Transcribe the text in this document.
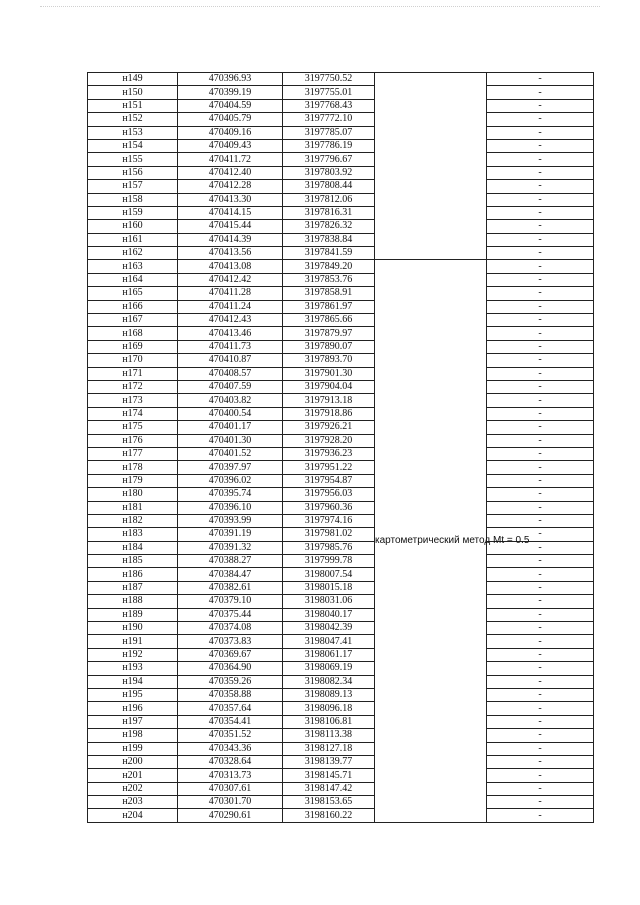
н149	470396.93	3197750.52		-
н150	470399.19	3197755.01		-
н151	470404.59	3197768.43		-
н152	470405.79	3197772.10		-
н153	470409.16	3197785.07		-
н154	470409.43	3197786.19		-
н155	470411.72	3197796.67		-
н156	470412.40	3197803.92		-
н157	470412.28	3197808.44		-
н158	470413.30	3197812.06		-
н159	470414.15	3197816.31		-
н160	470415.44	3197826.32		-
н161	470414.39	3197838.84		-
н162	470413.56	3197841.59		-
н163	470413.08	3197849.20	картометрический метод Mt = 0.5	-
н164	470412.42	3197853.76		-
н165	470411.28	3197858.91		-
н166	470411.24	3197861.97		-
н167	470412.43	3197865.66		-
н168	470413.46	3197879.97		-
н169	470411.73	3197890.07		-
н170	470410.87	3197893.70		-
н171	470408.57	3197901.30		-
н172	470407.59	3197904.04		-
н173	470403.82	3197913.18		-
н174	470400.54	3197918.86		-
н175	470401.17	3197926.21		-
н176	470401.30	3197928.20		-
н177	470401.52	3197936.23		-
н178	470397.97	3197951.22		-
н179	470396.02	3197954.87		-
н180	470395.74	3197956.03		-
н181	470396.10	3197960.36		-
н182	470393.99	3197974.16		-
н183	470391.19	3197981.02		-
н184	470391.32	3197985.76		-
н185	470388.27	3197999.78		-
н186	470384.47	3198007.54		-
н187	470382.61	3198015.18		-
н188	470379.10	3198031.06		-
н189	470375.44	3198040.17		-
н190	470374.08	3198042.39		-
н191	470373.83	3198047.41		-
н192	470369.67	3198061.17		-
н193	470364.90	3198069.19		-
н194	470359.26	3198082.34		-
н195	470358.88	3198089.13		-
н196	470357.64	3198096.18		-
н197	470354.41	3198106.81		-
н198	470351.52	3198113.38		-
н199	470343.36	3198127.18		-
н200	470328.64	3198139.77		-
н201	470313.73	3198145.71		-
н202	470307.61	3198147.42		-
н203	470301.70	3198153.65		-
н204	470290.61	3198160.22		-
